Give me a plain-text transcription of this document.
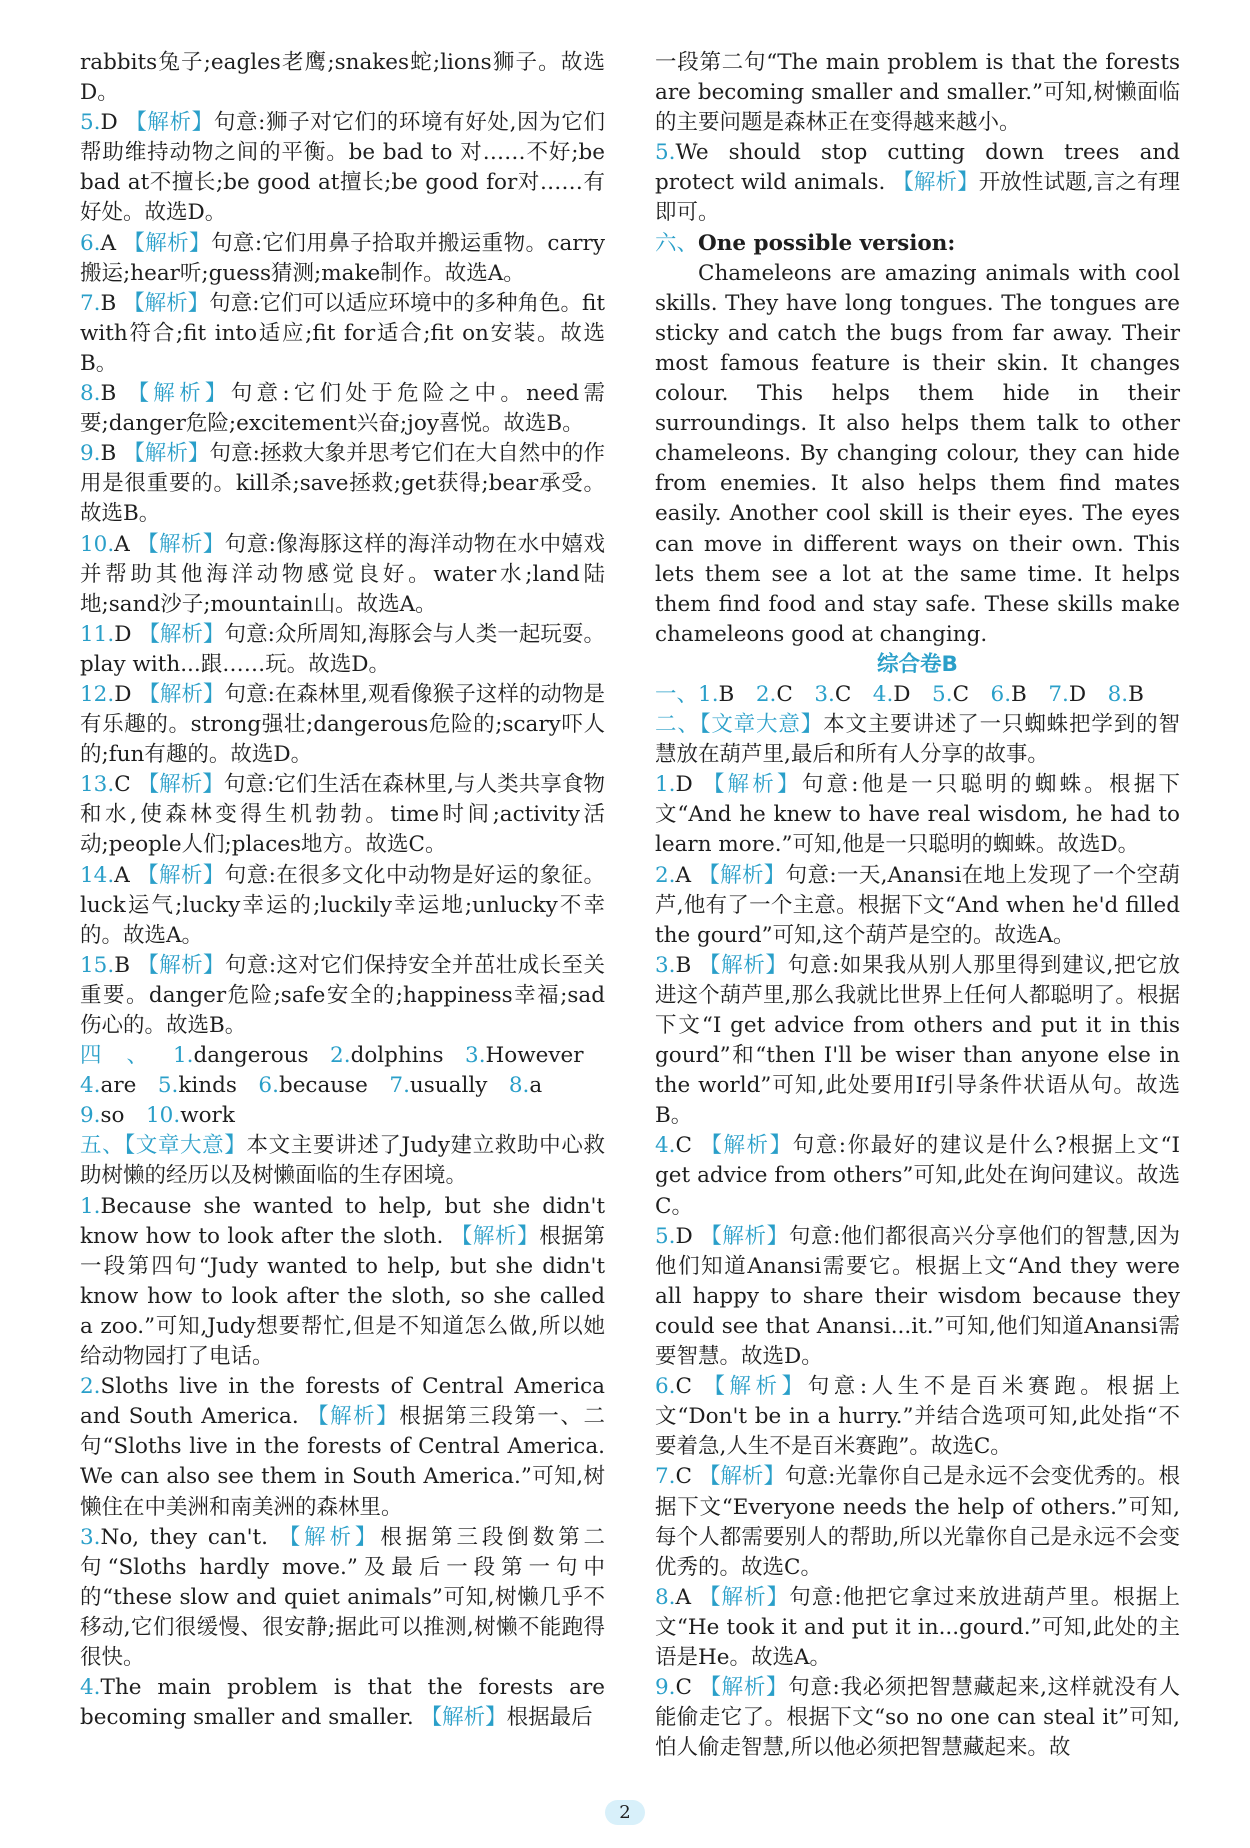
rabbits兔子;eagles老鹰;snakes蛇;lions狮子。故选D。

5.D 【解析】句意:狮子对它们的环境有好处,因为它们帮助维持动物之间的平衡。be bad to 对……不好;be bad at不擅长;be good at擅长;be good for对……有好处。故选D。

6.A 【解析】句意:它们用鼻子拾取并搬运重物。carry搬运;hear听;guess猜测;make制作。故选A。

7.B 【解析】句意:它们可以适应环境中的多种角色。fit with符合;fit into适应;fit for适合;fit on安装。故选B。

8.B 【解析】句意:它们处于危险之中。need需要;danger危险;excitement兴奋;joy喜悦。故选B。

9.B 【解析】句意:拯救大象并思考它们在大自然中的作用是很重要的。kill杀;save拯救;get获得;bear承受。故选B。

10.A 【解析】句意:像海豚这样的海洋动物在水中嬉戏并帮助其他海洋动物感觉良好。water水;land陆地;sand沙子;mountain山。故选A。

11.D 【解析】句意:众所周知,海豚会与人类一起玩耍。play with...跟……玩。故选D。

12.D 【解析】句意:在森林里,观看像猴子这样的动物是有乐趣的。strong强壮;dangerous危险的;scary吓人的;fun有趣的。故选D。

13.C 【解析】句意:它们生活在森林里,与人类共享食物和水,使森林变得生机勃勃。time时间;activity活动;people人们;places地方。故选C。

14.A 【解析】句意:在很多文化中动物是好运的象征。luck运气;lucky幸运的;luckily幸运地;unlucky不幸的。故选A。

15.B 【解析】句意:这对它们保持安全并茁壮成长至关重要。danger危险;safe安全的;happiness幸福;sad伤心的。故选B。

四、1.dangerous 2.dolphins 3.However 4.are 5.kinds 6.because 7.usually 8.a 9.so 10.work 

五、【文章大意】本文主要讲述了Judy建立救助中心救助树懒的经历以及树懒面临的生存困境。

1.Because she wanted to help, but she didn't know how to look after the sloth. 【解析】根据第一段第四句“Judy wanted to help, but she didn't know how to look after the sloth, so she called a zoo.”可知,Judy想要帮忙,但是不知道怎么做,所以她给动物园打了电话。

2.Sloths live in the forests of Central America and South America. 【解析】根据第三段第一、二句“Sloths live in the forests of Central America. We can also see them in South America.”可知,树懒住在中美洲和南美洲的森林里。

3.No, they can't. 【解析】根据第三段倒数第二句“Sloths hardly move.”及最后一段第一句中的“these slow and quiet animals”可知,树懒几乎不移动,它们很缓慢、很安静;据此可以推测,树懒不能跑得很快。

4.The main problem is that the forests are becoming smaller and smaller. 【解析】根据最后

一段第二句“The main problem is that the forests are becoming smaller and smaller.”可知,树懒面临的主要问题是森林正在变得越来越小。

5.We should stop cutting down trees and protect wild animals. 【解析】开放性试题,言之有理即可。

六、One possible version:

Chameleons are amazing animals with cool skills. They have long tongues. The tongues are sticky and catch the bugs from far away. Their most famous feature is their skin. It changes colour. This helps them hide in their surroundings. It also helps them talk to other chameleons. By changing colour, they can hide from enemies. It also helps them find mates easily. Another cool skill is their eyes. The eyes can move in different ways on their own. This lets them see a lot at the same time. It helps them find food and stay safe. These skills make chameleons good at changing.

综合卷B

一、1.B 2.C 3.C 4.D 5.C 6.B 7.D 8.B 

二、【文章大意】本文主要讲述了一只蜘蛛把学到的智慧放在葫芦里,最后和所有人分享的故事。

1.D 【解析】句意:他是一只聪明的蜘蛛。根据下文“And he knew to have real wisdom, he had to learn more.”可知,他是一只聪明的蜘蛛。故选D。

2.A 【解析】句意:一天,Anansi在地上发现了一个空葫芦,他有了一个主意。根据下文“And when he'd filled the gourd”可知,这个葫芦是空的。故选A。

3.B 【解析】句意:如果我从别人那里得到建议,把它放进这个葫芦里,那么我就比世界上任何人都聪明了。根据下文“I get advice from others and put it in this gourd”和“then I'll be wiser than anyone else in the world”可知,此处要用If引导条件状语从句。故选B。

4.C 【解析】句意:你最好的建议是什么?根据上文“I get advice from others”可知,此处在询问建议。故选C。

5.D 【解析】句意:他们都很高兴分享他们的智慧,因为他们知道Anansi需要它。根据上文“And they were all happy to share their wisdom because they could see that Anansi...it.”可知,他们知道Anansi需要智慧。故选D。

6.C 【解析】句意:人生不是百米赛跑。根据上文“Don't be in a hurry.”并结合选项可知,此处指“不要着急,人生不是百米赛跑”。故选C。

7.C 【解析】句意:光靠你自己是永远不会变优秀的。根据下文“Everyone needs the help of others.”可知,每个人都需要别人的帮助,所以光靠你自己是永远不会变优秀的。故选C。

8.A 【解析】句意:他把它拿过来放进葫芦里。根据上文“He took it and put it in...gourd.”可知,此处的主语是He。故选A。

9.C 【解析】句意:我必须把智慧藏起来,这样就没有人能偷走它了。根据下文“so no one can steal it”可知,怕人偷走智慧,所以他必须把智慧藏起来。故

2
